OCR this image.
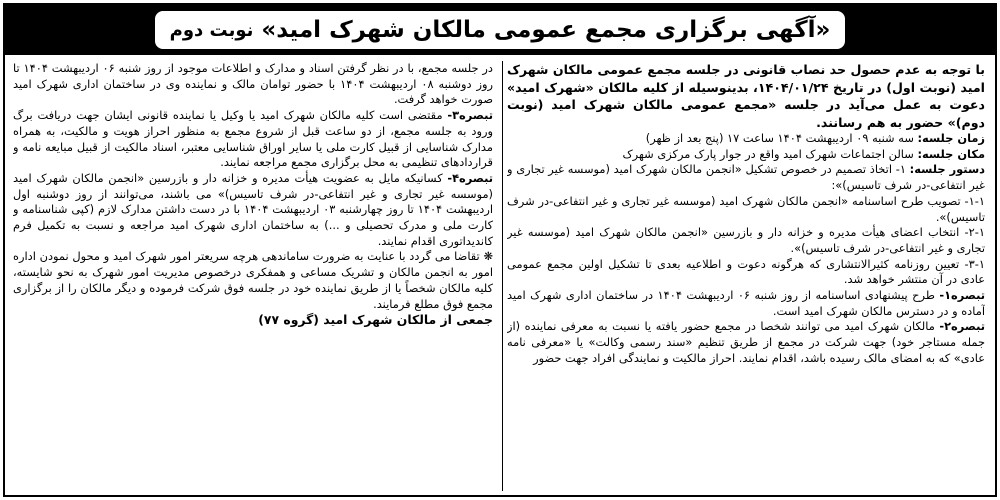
«آگهی برگزاری مجمع عمومی مالکان شهرک امید»
نوبت دوم

با توجه به عدم حصول حد نصاب قانونی در جلسه مجمع عمومی مالکان شهرک امید (نوبت اول) در تاریخ ۱۴۰۴/۰۱/۲۴، بدینوسیله از کلیه مالکان «شهرک امید» دعوت به عمل می‌آید در جلسه «مجمع عمومی مالکان شهرک امید (نوبت دوم)» حضور به هم رسانند.

زمان جلسه: سه شنبه ۰۹ اردیبهشت ۱۴۰۴ ساعت ۱۷ (پنج بعد از ظهر)

مکان جلسه: سالن اجتماعات شهرک امید واقع در جوار پارک مرکزی شهرک

دستور جلسه: ۱- اتخاذ تصمیم در خصوص تشکیل «انجمن مالکان شهرک امید (موسسه غیر تجاری و غیر انتفاعی-در شرف تاسیس)»:

۱-۱- تصویب طرح اساسنامه «انجمن مالکان شهرک امید (موسسه غیر تجاری و غیر انتفاعی-در شرف تاسیس)».

۲-۱- انتخاب اعضای هیأت مدیره و خزانه دار و بازرسین «انجمن مالکان شهرک امید (موسسه غیر تجاری و غیر انتفاعی-در شرف تاسیس)».

۳-۱- تعیین روزنامه کثیرالانتشاری که هرگونه دعوت و اطلاعیه بعدی تا تشکیل اولین مجمع عمومی عادی در آن منتشر خواهد شد.

تبصره۱- طرح پیشنهادی اساسنامه از روز شنبه ۰۶ اردیبهشت ۱۴۰۴ در ساختمان اداری شهرک امید آماده و در دسترس مالکان شهرک امید است.

تبصره۲- مالکان شهرک امید می توانند شخصا در مجمع حضور یافته یا نسبت به معرفی نماینده (از جمله مستاجر خود) جهت شرکت در مجمع از طریق تنظیم «سند رسمی وکالت» یا «معرفی نامه عادی» که به امضای مالک رسیده باشد، اقدام نمایند. احراز مالکیت و نمایندگی افراد جهت حضور

در جلسه مجمع، با در نظر گرفتن اسناد و مدارک و اطلاعات موجود از روز شنبه ۰۶ اردیبهشت ۱۴۰۴ تا روز دوشنبه ۰۸ اردیبهشت ۱۴۰۴ با حضور توامان مالک و نماینده وی در ساختمان اداری شهرک امید صورت خواهد گرفت.

تبصره۳- مقتضی است کلیه مالکان شهرک امید یا وکیل یا نماینده قانونی ایشان جهت دریافت برگ ورود به جلسه مجمع، از دو ساعت قبل از شروع مجمع به منظور احراز هویت و مالکیت، به همراه مدارک شناسایی از قبیل کارت ملی یا سایر اوراق شناسایی معتبر، اسناد مالکیت از قبیل مبایعه نامه و قراردادهای تنظیمی به محل برگزاری مجمع مراجعه نمایند.

تبصره۴- کسانیکه مایل به عضویت هیأت مدیره و خزانه دار و بازرسین «انجمن مالکان شهرک امید (موسسه غیر تجاری و غیر انتفاعی-در شرف تاسیس)» می باشند، می‌توانند از روز دوشنبه اول اردیبهشت ۱۴۰۴ تا روز چهارشنبه ۰۳ اردیبهشت ۱۴۰۴ با در دست داشتن مدارک لازم (کپی شناسنامه و کارت ملی و مدرک تحصیلی و ...) به ساختمان اداری شهرک امید مراجعه و نسبت به تکمیل فرم کاندیداتوری اقدام نمایند.

❋ تقاضا می گردد با عنایت به ضرورت ساماندهی هرچه سریعتر امور شهرک امید و محول نمودن اداره امور به انجمن مالکان و تشریک مساعی و همفکری درخصوص مدیریت امور شهرک به نحو شایسته، کلیه مالکان شخصاً یا از طریق نماینده خود در جلسه فوق شرکت فرموده و دیگر مالکان را از برگزاری مجمع فوق مطلع فرمایند.

جمعی از مالکان شهرک امید (گروه ۷۷)
